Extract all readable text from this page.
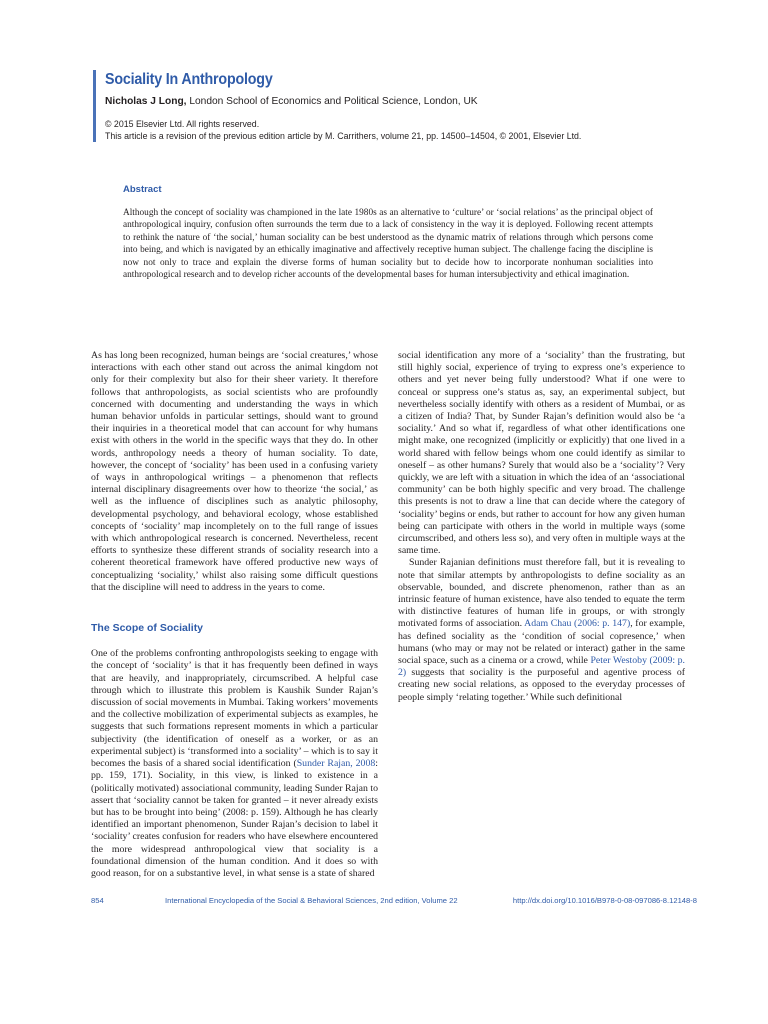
Sociality In Anthropology
Nicholas J Long, London School of Economics and Political Science, London, UK
© 2015 Elsevier Ltd. All rights reserved.
This article is a revision of the previous edition article by M. Carrithers, volume 21, pp. 14500–14504, © 2001, Elsevier Ltd.
Abstract

Although the concept of sociality was championed in the late 1980s as an alternative to ‘culture’ or ‘social relations’ as the principal object of anthropological inquiry, confusion often surrounds the term due to a lack of consistency in the way it is deployed. Following recent attempts to rethink the nature of ‘the social,’ human sociality can be best understood as the dynamic matrix of relations through which persons come into being, and which is navigated by an ethically imaginative and affectively receptive human subject. The challenge facing the discipline is now not only to trace and explain the diverse forms of human sociality but to decide how to incorporate nonhuman socialities into anthropological research and to develop richer accounts of the developmental bases for human intersubjectivity and ethical imagination.

As has long been recognized, human beings are ‘social creatures,’ whose interactions with each other stand out across the animal kingdom not only for their complexity but also for their sheer variety. It therefore follows that anthropologists, as social scientists who are profoundly concerned with documenting and understanding the ways in which human behavior unfolds in particular settings, should want to ground their inquiries in a theoretical model that can account for why humans exist with others in the world in the specific ways that they do. In other words, anthropology needs a theory of human sociality. To date, however, the concept of ‘sociality’ has been used in a confusing variety of ways in anthropological writings – a phenomenon that reflects internal disciplinary disagreements over how to theorize ‘the social,’ as well as the influence of disciplines such as analytic philosophy, developmental psychology, and behavioral ecology, whose established concepts of ‘sociality’ map incompletely on to the full range of issues with which anthropological research is concerned. Nevertheless, recent efforts to synthesize these different strands of sociality research into a coherent theoretical framework have offered productive new ways of conceptualizing ‘sociality,’ whilst also raising some difficult questions that the discipline will need to address in the years to come.

The Scope of Sociality

One of the problems confronting anthropologists seeking to engage with the concept of ‘sociality’ is that it has frequently been defined in ways that are heavily, and inappropriately, circumscribed. A helpful case through which to illustrate this problem is Kaushik Sunder Rajan’s discussion of social movements in Mumbai. Taking workers’ movements and the collective mobilization of experimental subjects as examples, he suggests that such formations represent moments in which a particular subjectivity (the identification of oneself as a worker, or as an experimental subject) is ‘transformed into a sociality’ – which is to say it becomes the basis of a shared social identification (Sunder Rajan, 2008: pp. 159, 171). Sociality, in this view, is linked to existence in a (politically motivated) associational community, leading Sunder Rajan to assert that ‘sociality cannot be taken for granted – it never already exists but has to be brought into being’ (2008: p. 159). Although he has clearly identified an important phenomenon, Sunder Rajan’s decision to label it ‘sociality’ creates confusion for readers who have elsewhere encountered the more widespread anthropological view that sociality is a foundational dimension of the human condition. And it does so with good reason, for on a substantive level, in what sense is a state of shared

social identification any more of a ‘sociality’ than the frustrating, but still highly social, experience of trying to express one’s experience to others and yet never being fully understood? What if one were to conceal or suppress one’s status as, say, an experimental subject, but nevertheless socially identify with others as a resident of Mumbai, or as a citizen of India? That, by Sunder Rajan’s definition would also be ‘a sociality.’ And so what if, regardless of what other identifications one might make, one recognized (implicitly or explicitly) that one lived in a world shared with fellow beings whom one could identify as similar to oneself – as other humans? Surely that would also be a ‘sociality’? Very quickly, we are left with a situation in which the idea of an ‘associational community’ can be both highly specific and very broad. The challenge this presents is not to draw a line that can decide where the category of ‘sociality’ begins or ends, but rather to account for how any given human being can participate with others in the world in multiple ways (some circumscribed, and others less so), and very often in multiple ways at the same time.

Sunder Rajanian definitions must therefore fall, but it is revealing to note that similar attempts by anthropologists to define sociality as an observable, bounded, and discrete phenomenon, rather than as an intrinsic feature of human existence, have also tended to equate the term with distinctive features of human life in groups, or with strongly motivated forms of association. Adam Chau (2006: p. 147), for example, has defined sociality as the ‘condition of social copresence,’ when humans (who may or may not be related or interact) gather in the same social space, such as a cinema or a crowd, while Peter Westoby (2009: p. 2) suggests that sociality is the purposeful and agentive process of creating new social relations, as opposed to the everyday processes of people simply ‘relating together.’ While such definitional

854	International Encyclopedia of the Social & Behavioral Sciences, 2nd edition, Volume 22	http://dx.doi.org/10.1016/B978-0-08-097086-8.12148-8
